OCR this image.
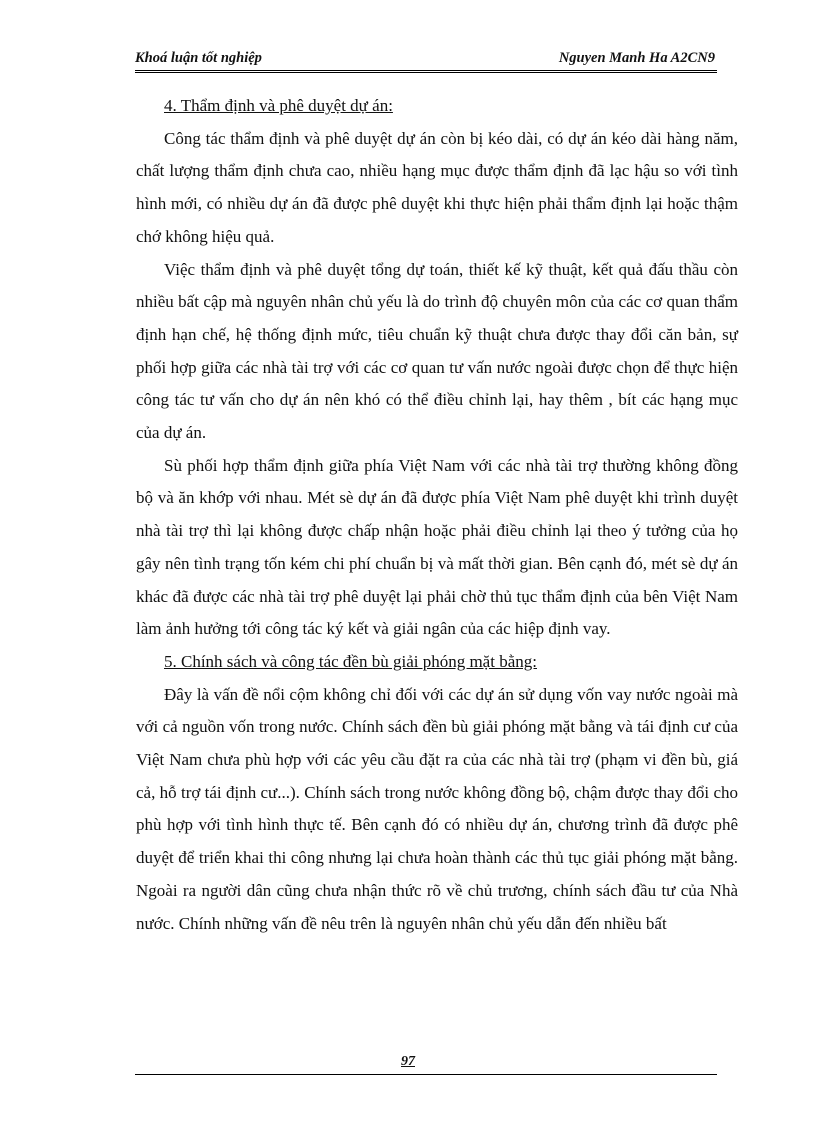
Khoá luận tốt nghiệp	Nguyen Manh Ha A2CN9

4. Thẩm định và phê duyệt dự án:

Công tác thẩm định và phê duyệt dự án còn bị kéo dài, có dự án kéo dài hàng năm, chất lượng thẩm định chưa cao, nhiều hạng mục được thẩm định đã lạc hậu so với tình hình mới, có nhiều dự án đã được phê duyệt khi thực hiện phải thẩm định lại hoặc thậm chớ không hiệu quả.

Việc thẩm định và phê duyệt tổng dự toán, thiết kế kỹ thuật, kết quả đấu thầu còn nhiều bất cập mà nguyên nhân chủ yếu là do trình độ chuyên môn của các cơ quan thẩm định hạn chế, hệ thống định mức, tiêu chuẩn kỹ thuật chưa được thay đổi căn bản, sự phối hợp giữa các nhà tài trợ với các cơ quan tư vấn nước ngoài được chọn để thực hiện công tác tư vấn cho dự án nên khó có thể điều chỉnh lại, hay thêm , bít các hạng mục của dự án.

Sù phối hợp thẩm định giữa phía Việt Nam với các nhà tài trợ thường không đồng bộ và ăn khớp với nhau. Mét sè dự án đã được phía Việt Nam phê duyệt khi trình duyệt nhà tài trợ thì lại không được chấp nhận hoặc phải điều chỉnh lại theo ý tưởng của họ gây nên tình trạng tốn kém chi phí chuẩn bị và mất thời gian. Bên cạnh đó, mét sè dự án khác đã được các nhà tài trợ phê duyệt lại phải chờ thủ tục thẩm định của bên Việt Nam làm ảnh hưởng tới công tác ký kết và giải ngân của các hiệp định vay.

5. Chính sách và công tác đền bù giải phóng mặt bằng:

Đây là vấn đề nổi cộm không chỉ đối với các dự án sử dụng vốn vay nước ngoài mà với cả nguồn vốn trong nước. Chính sách đền bù giải phóng mặt bằng và tái định cư của Việt Nam chưa phù hợp với các yêu cầu đặt ra của các nhà tài trợ (phạm vi đền bù, giá cả, hỗ trợ tái định cư...). Chính sách trong nước không đồng bộ, chậm được thay đổi cho phù hợp với tình hình thực tế. Bên cạnh đó có nhiều dự án, chương trình đã được phê duyệt để triển khai thi công nhưng lại chưa hoàn thành các thủ tục giải phóng mặt bằng. Ngoài ra người dân cũng chưa nhận thức rõ về chủ trương, chính sách đầu tư của Nhà nước. Chính những vấn đề nêu trên là nguyên nhân chủ yếu dẫn đến nhiều bất

97
